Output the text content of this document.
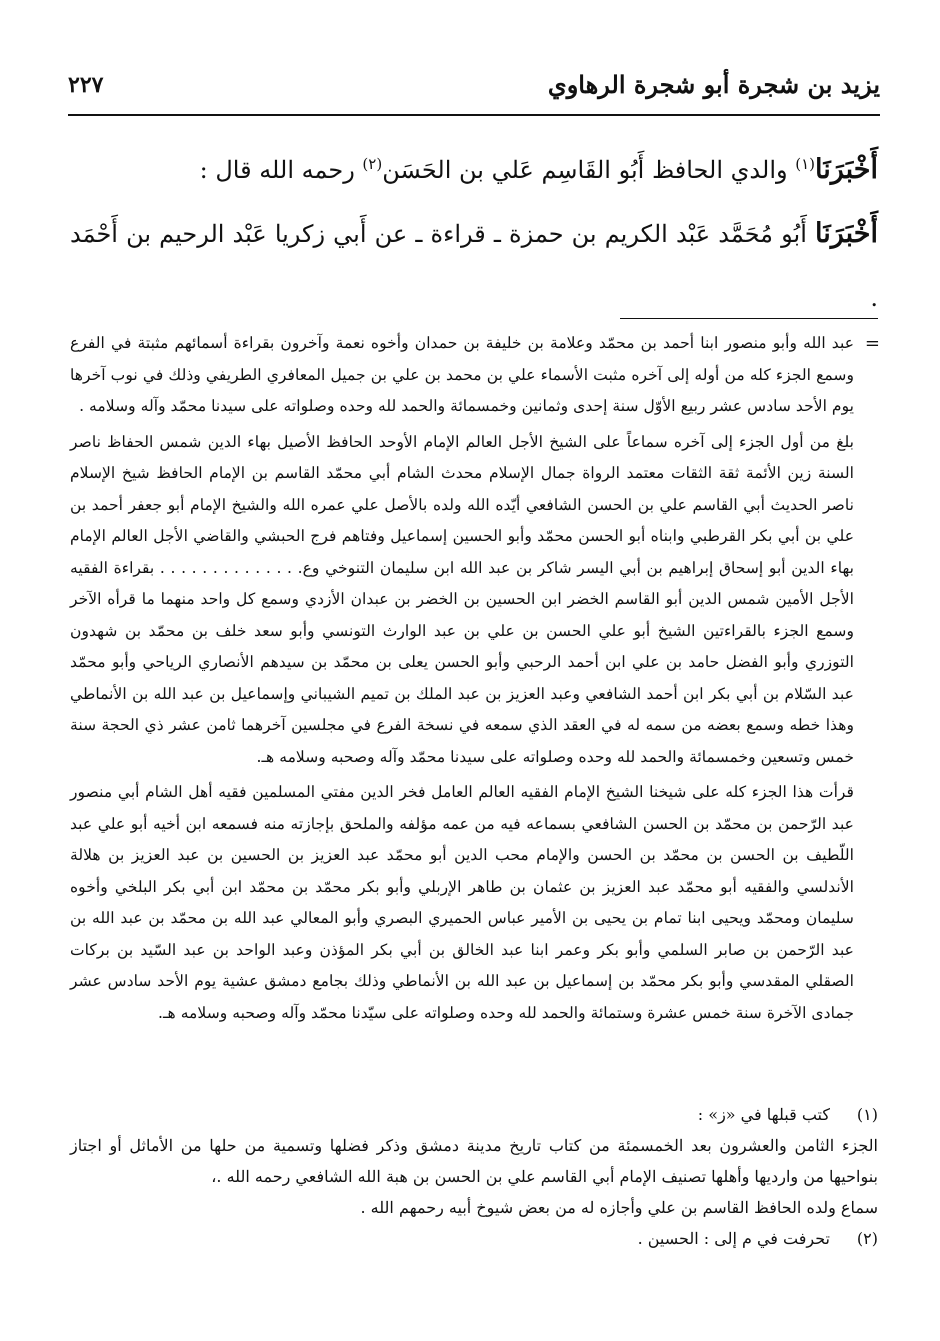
يزيد بن شجرة أبو شجرة الرهاوي
٢٢٧

أَخْبَرَنَا$^{(١)}$ والدي الحافظ أَبُو القَاسِم عَلي بن الحَسَن$^{(٢)}$ رحمه الله قال :

أَخْبَرَنَا أَبُو مُحَمَّد عَبْد الكريم بن حمزة ـ قراءة ـ عن أَبي زكريا عَبْد الرحيم بن أَحْمَد .

=

عبد الله وأبو منصور ابنا أحمد بن محمّد وعلامة بن خليفة بن حمدان وأخوه نعمة وآخرون بقراءة أسمائهم مثبتة في الفرع وسمع الجزء كله من أوله إلى آخره مثبت الأسماء علي بن محمد بن علي بن جميل المعافري الطريفي وذلك في نوب آخرها يوم الأحد سادس عشر ربيع الأوّل سنة إحدى وثمانين وخمسمائة والحمد لله وحده وصلواته على سيدنا محمّد وآله وسلامه .

بلغ من أول الجزء إلى آخره سماعاً على الشيخ الأجل العالم الإمام الأوحد الحافظ الأصيل بهاء الدين شمس الحفاظ ناصر السنة زين الأئمة ثقة الثقات معتمد الرواة جمال الإسلام محدث الشام أبي محمّد القاسم بن الإمام الحافظ شيخ الإسلام ناصر الحديث أبي القاسم علي بن الحسن الشافعي أيّده الله ولده بالأصل علي عمره الله والشيخ الإمام أبو جعفر أحمد بن علي بن أبي بكر القرطبي وابناه أبو الحسن محمّد وأبو الحسين إسماعيل وفتاهم فرج الحبشي والقاضي الأجل العالم الإمام بهاء الدين أبو إسحاق إبراهيم بن أبي اليسر شاكر بن عبد الله ابن سليمان التنوخي وع. . . . . . . . . . . . . . بقراءة الفقيه الأجل الأمين شمس الدين أبو القاسم الخضر ابن الحسين بن الخضر بن عبدان الأزدي وسمع كل واحد منهما ما قرأه الآخر وسمع الجزء بالقراءتين الشيخ أبو علي الحسن بن علي بن عبد الوارث التونسي وأبو سعد خلف بن محمّد بن شهدون التوزري وأبو الفضل حامد بن علي ابن أحمد الرحبي وأبو الحسن يعلى بن محمّد بن سيدهم الأنصاري الرياحي وأبو محمّد عبد السّلام بن أبي بكر ابن أحمد الشافعي وعبد العزيز بن عبد الملك بن تميم الشيباني وإسماعيل بن عبد الله بن الأنماطي وهذا خطه وسمع بعضه من سمه له في العقد الذي سمعه في نسخة الفرع في مجلسين آخرهما ثامن عشر ذي الحجة سنة خمس وتسعين وخمسمائة والحمد لله وحده وصلواته على سيدنا محمّد وآله وصحبه وسلامه هـ.

قرأت هذا الجزء كله على شيخنا الشيخ الإمام الفقيه العالم العامل فخر الدين مفتي المسلمين فقيه أهل الشام أبي منصور عبد الرّحمن بن محمّد بن الحسن الشافعي بسماعه فيه من عمه مؤلفه والملحق بإجازته منه فسمعه ابن أخيه أبو علي عبد اللّطيف بن الحسن بن محمّد بن الحسن والإمام محب الدين أبو محمّد عبد العزيز بن الحسين بن عبد العزيز بن هلالة الأندلسي والفقيه أبو محمّد عبد العزيز بن عثمان بن طاهر الإربلي وأبو بكر محمّد بن محمّد ابن أبي بكر البلخي وأخوه سليمان ومحمّد ويحيى ابنا تمام بن يحيى بن الأمير عباس الحميري البصري وأبو المعالي عبد الله بن محمّد بن عبد الله بن عبد الرّحمن بن صابر السلمي وأبو بكر وعمر ابنا عبد الخالق بن أبي بكر المؤذن وعبد الواحد بن عبد السّيد بن بركات الصقلي المقدسي وأبو بكر محمّد بن إسماعيل بن عبد الله بن الأنماطي وذلك بجامع دمشق عشية يوم الأحد سادس عشر جمادى الآخرة سنة خمس عشرة وستمائة والحمد لله وحده وصلواته على سيّدنا محمّد وآله وصحبه وسلامه هـ.

(١)

كتب قبلها في «ز» :

الجزء الثامن والعشرون بعد الخمسمئة من كتاب تاريخ مدينة دمشق وذكر فضلها وتسمية من حلها من الأماثل أو اجتاز بنواحيها من وارديها وأهلها تصنيف الإمام أبي القاسم علي بن الحسن بن هبة الله الشافعي رحمه الله .،

سماع ولده الحافظ القاسم بن علي وأجازه له من بعض شيوخ أبيه رحمهم الله .

(٢)

تحرفت في م إلى : الحسين .
